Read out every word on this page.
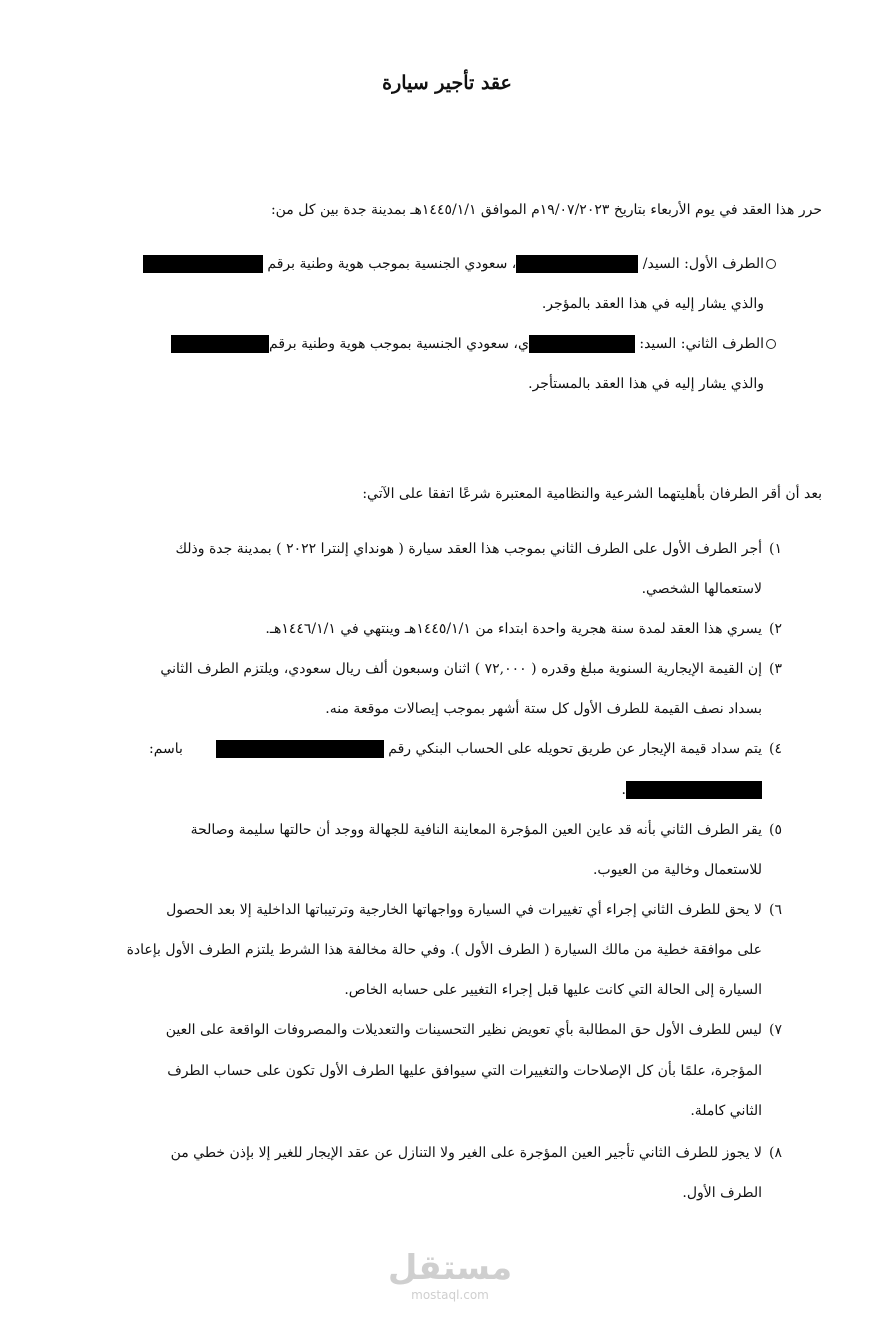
عقد تأجير سيارة
حرر هذا العقد في يوم الأربعاء بتاريخ ١٩/٠٧/٢٠٢٣م الموافق ١٤٤٥/١/١هـ بمدينة جدة بين كل من:
الطرف الأول: السيد/ ، سعودي الجنسية بموجب هوية وطنية برقم
والذي يشار إليه في هذا العقد بالمؤجر.
الطرف الثاني: السيد: ي، سعودي الجنسية بموجب هوية وطنية برقم
والذي يشار إليه في هذا العقد بالمستأجر.
بعد أن أقر الطرفان بأهليتهما الشرعية والنظامية المعتبرة شرعًا اتفقا على الآتي:
١)
أجر الطرف الأول على الطرف الثاني بموجب هذا العقد سيارة ( هونداي إلنترا ٢٠٢٢ ) بمدينة جدة وذلك
لاستعمالها الشخصي.
٢)
يسري هذا العقد لمدة سنة هجرية واحدة ابتداء من ١٤٤٥/١/١هـ وينتهي في ١٤٤٦/١/١هـ.
٣)
إن القيمة الإيجارية السنوية مبلغ وقدره ( ٧٢,٠٠٠ ) اثنان وسبعون ألف ريال سعودي، ويلتزم الطرف الثاني
بسداد نصف القيمة للطرف الأول كل ستة أشهر بموجب إيصالات موقعة منه.
٤)
يتم سداد قيمة الإيجار عن طريق تحويله على الحساب البنكي رقم   باسم:
.
٥)
يقر الطرف الثاني بأنه قد عاين العين المؤجرة المعاينة النافية للجهالة ووجد أن حالتها سليمة وصالحة
للاستعمال وخالية من العيوب.
٦)
لا يحق للطرف الثاني إجراء أي تغييرات في السيارة وواجهاتها الخارجية وترتيباتها الداخلية إلا بعد الحصول
على موافقة خطية من مالك السيارة ( الطرف الأول ). وفي حالة مخالفة هذا الشرط يلتزم الطرف الأول بإعادة
السيارة إلى الحالة التي كانت عليها قبل إجراء التغيير على حسابه الخاص.
٧)
ليس للطرف الأول حق المطالبة بأي تعويض نظير التحسينات والتعديلات والمصروفات الواقعة على العين
المؤجرة، علمًا بأن كل الإصلاحات والتغييرات التي سيوافق عليها الطرف الأول تكون على حساب الطرف
الثاني كاملة.
٨)
لا يجوز للطرف الثاني تأجير العين المؤجرة على الغير ولا التنازل عن عقد الإيجار للغير إلا بإذن خطي من
الطرف الأول.
مستقل
mostaql.com
